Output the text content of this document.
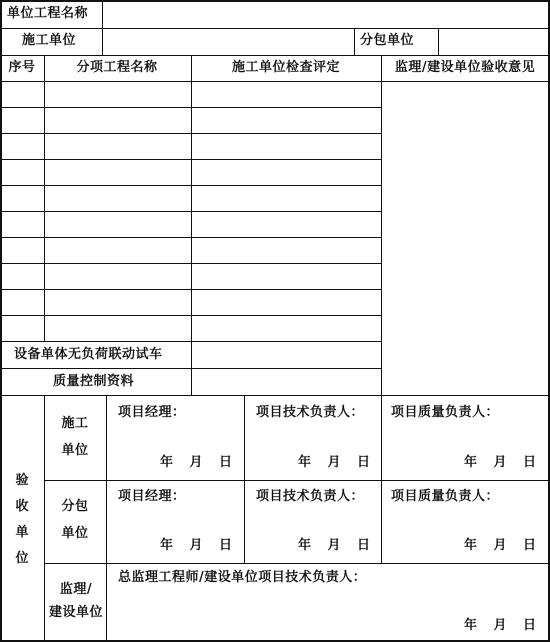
单位工程名称
施工单位	分包单位
序号	分项工程名称	施工单位检查评定	监理/建设单位验收意见
设备单体无负荷联动试车
质量控制资料
验
收
单
位
施工
单位
项目经理：	项目技术负责人： 项目质量负责人：
年 月 日	年 月 日	年 月 日
分包
单位
项目经理：	项目技术负责人： 项目质量负责人：
年 月 日	年 月 日	年 月 日
监理/
建设单位
总监理工程师/建设单位项目技术负责人：
年 月 日
